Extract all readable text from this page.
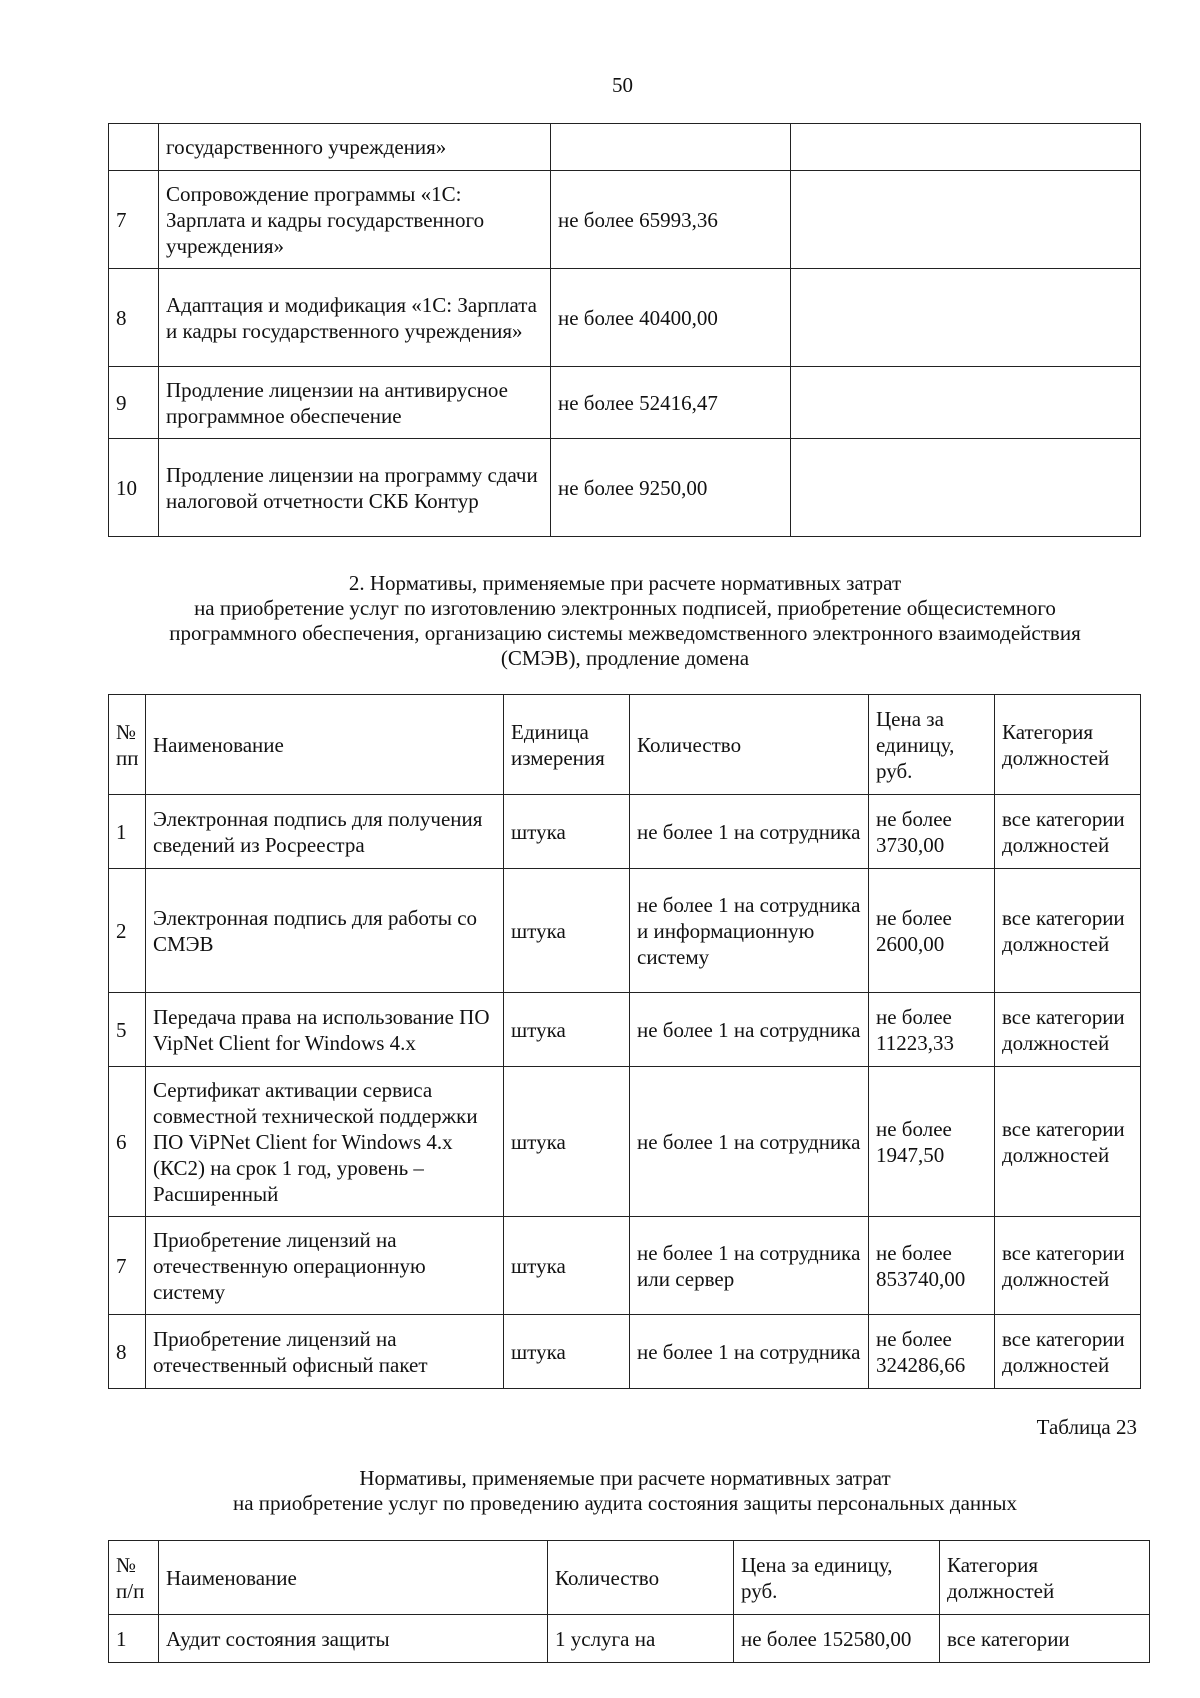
50
	государственного учреждения»		
7	Сопровождение программы «1С: Зарплата и кадры государственного учреждения»	не более 65993,36	
8	Адаптация и модификация «1С: Зарплата и кадры государственного учреждения»	не более 40400,00	
9	Продление лицензии на антивирусное программное обеспечение	не более 52416,47	
10	Продление лицензии на программу сдачи налоговой отчетности СКБ Контур	не более 9250,00	
2. Нормативы, применяемые при расчете нормативных затрат
на приобретение услуг по изготовлению электронных подписей, приобретение общесистемного
программного обеспечения, организацию системы межведомственного электронного взаимодействия
(СМЭВ), продление домена
№ пп	Наименование	Единица измерения	Количество	Цена за единицу, руб.	Категория должностей
1	Электронная подпись для получения сведений из Росреестра	штука	не более 1 на сотрудника	не более 3730,00	все категории должностей
2	Электронная подпись для работы со СМЭВ	штука	не более 1 на сотрудника и информационную систему	не более 2600,00	все категории должностей
5	Передача права на использование ПО VipNet Client for Windows 4.x	штука	не более 1 на сотрудника	не более 11223,33	все категории должностей
6	Сертификат активации сервиса совместной технической поддержки ПО ViPNet Client for Windows 4.x (КС2) на срок 1 год, уровень – Расширенный	штука	не более 1 на сотрудника	не более 1947,50	все категории должностей
7	Приобретение лицензий на отечественную операционную систему	штука	не более 1 на сотрудника или сервер	не более 853740,00	все категории должностей
8	Приобретение лицензий на отечественный офисный пакет	штука	не более 1 на сотрудника	не более 324286,66	все категории должностей
Таблица 23
Нормативы, применяемые при расчете нормативных затрат
на приобретение услуг по проведению аудита состояния защиты персональных данных
№ п/п	Наименование	Количество	Цена за единицу, руб.	Категория должностей
1	Аудит состояния защиты	1 услуга на	не более 152580,00	все категории
